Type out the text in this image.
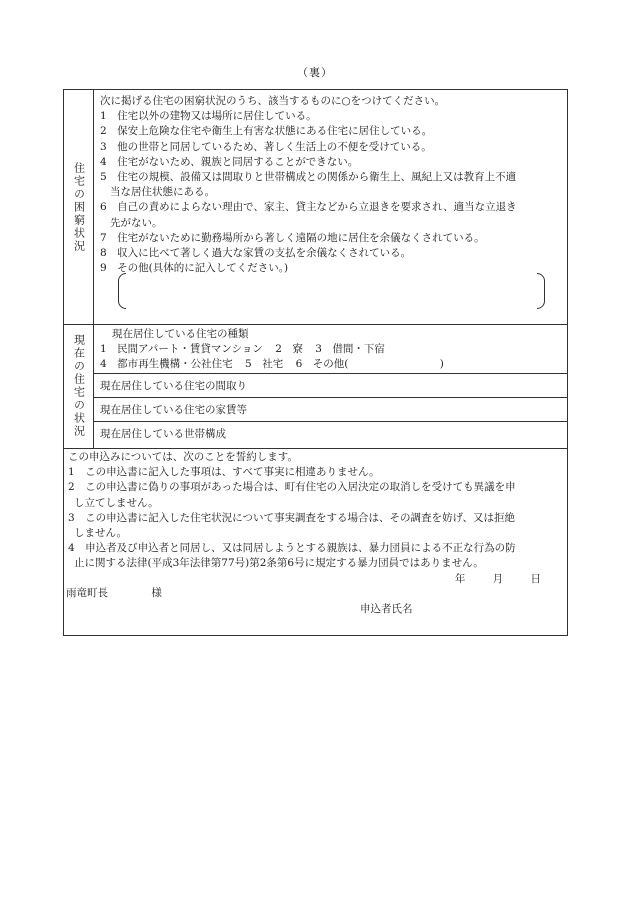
（裏）
住宅の困窮状況
次に掲げる住宅の困窮状況のうち、該当するものに○をつけてください。
1　住宅以外の建物又は場所に居住している。
2　保安上危険な住宅や衛生上有害な状態にある住宅に居住している。
3　他の世帯と同居しているため、著しく生活上の不便を受けている。
4　住宅がないため、親族と同居することができない。
5　住宅の規模、設備又は間取りと世帯構成との関係から衛生上、風紀上又は教育上不適
当な居住状態にある。
6　自己の責めによらない理由で、家主、貸主などから立退きを要求され、適当な立退き
先がない。
7　住宅がないために勤務場所から著しく遠隔の地に居住を余儀なくされている。
8　収入に比べて著しく過大な家賃の支払を余儀なくされている。
9　その他(具体的に記入してください。)
現在の住宅の状況	現在居住している住宅の種類
1　民間アパート・賃貸マンション 2　寮 3　借間・下宿
4　都市再生機構・公社住宅 5　社宅 6　その他(	)
現在居住している住宅の間取り
現在居住している住宅の家賃等
現在居住している世帯構成
この申込みについては、次のことを誓約します。
1　この申込書に記入した事項は、すべて事実に相違ありません。
2　この申込書に偽りの事項があった場合は、町有住宅の入居決定の取消しを受けても異議を申
し立てしません。
3　この申込書に記入した住宅状況について事実調査をする場合は、その調査を妨げ、又は拒絶
しません。
4　申込者及び申込者と同居し、又は同居しようとする親族は、暴力団員による不正な行為の防
止に関する法律(平成3年法律第77号)第2条第6号に規定する暴力団員ではありません。
年	月	日
雨竜町長	様
申込者氏名
